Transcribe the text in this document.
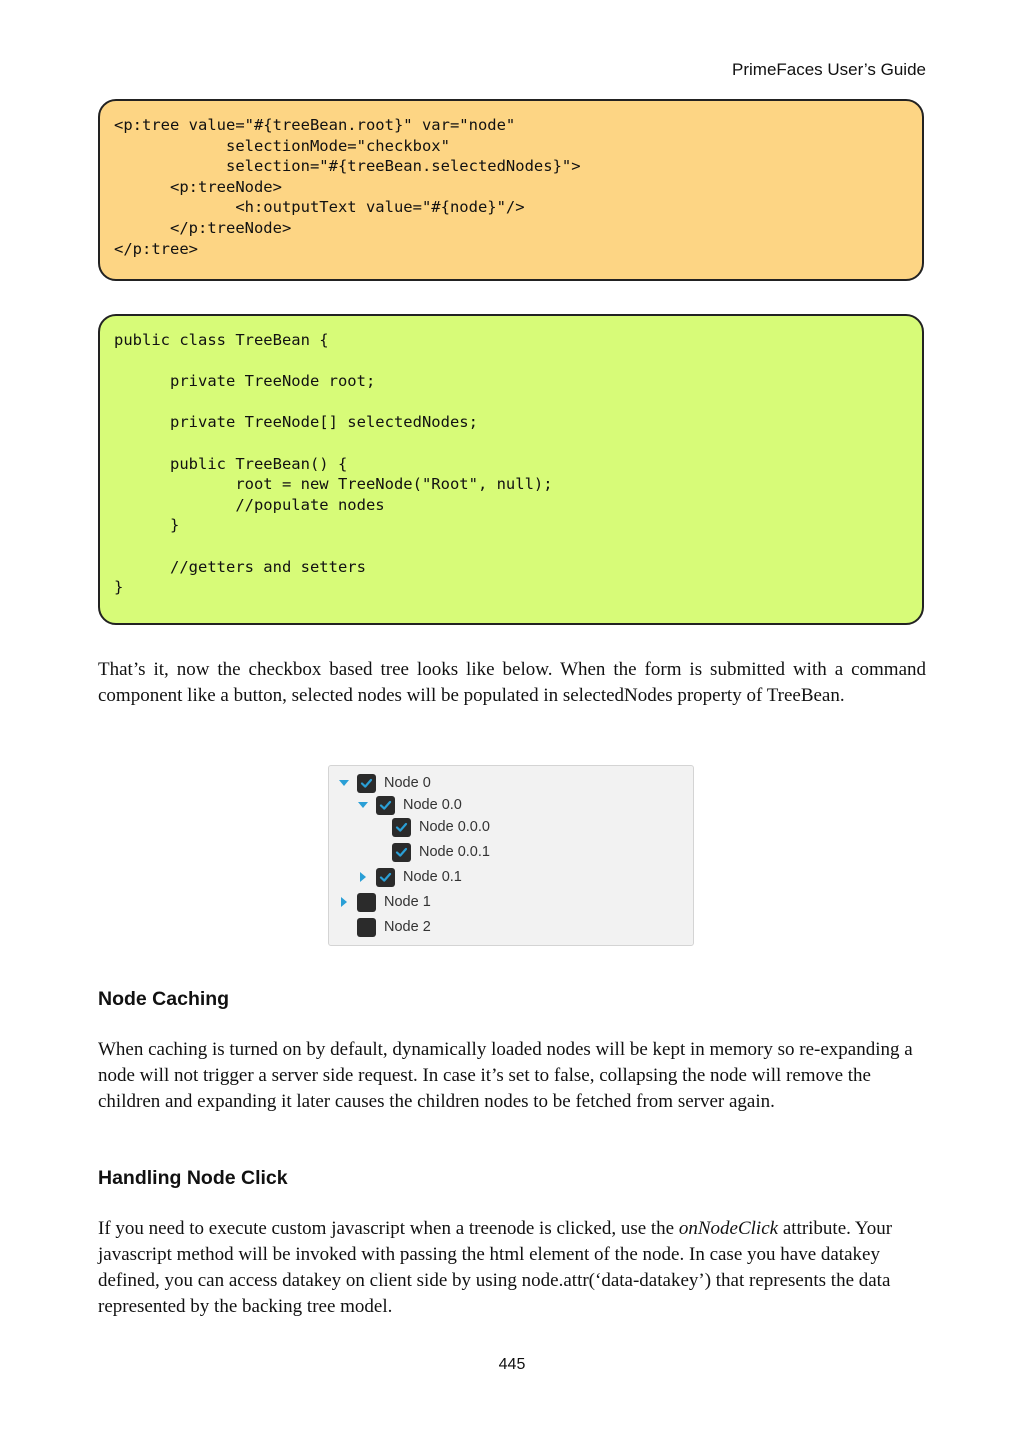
PrimeFaces User’s Guide
<p:tree value="#{treeBean.root}" var="node"
selectionMode="checkbox"
selection="#{treeBean.selectedNodes}">
<p:treeNode>
<h:outputText value="#{node}"/>
</p:treeNode>
</p:tree>
public class TreeBean {

private TreeNode root;

private TreeNode[] selectedNodes;

public TreeBean() {
root = new TreeNode("Root", null);
//populate nodes
}

//getters and setters
}

That’s it, now the checkbox based tree looks like below. When the form is submitted with a command component like a button, selected nodes will be populated in selectedNodes property of TreeBean.

Node 0
Node 0.0
Node 0.0.0
Node 0.0.1
Node 0.1
Node 1
Node 2
Node Caching

When caching is turned on by default, dynamically loaded nodes will be kept in memory so re-expanding a node will not trigger a server side request. In case it’s set to false, collapsing the node will remove the children and expanding it later causes the children nodes to be fetched from server again.

Handling Node Click

If you need to execute custom javascript when a treenode is clicked, use the onNodeClick attribute. Your javascript method will be invoked with passing the html element of the node. In case you have datakey defined, you can access datakey on client side by using node.attr(‘data-datakey’) that represents the data represented by the backing tree model.

445
